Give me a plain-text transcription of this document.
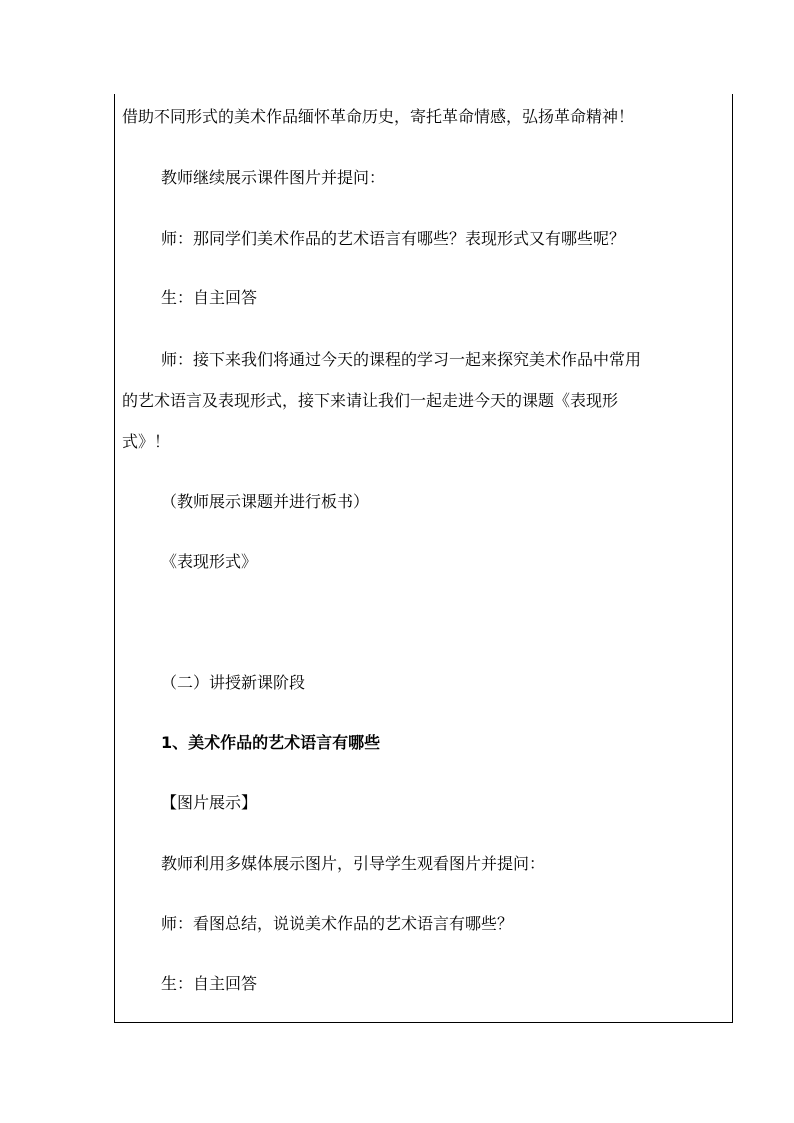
借助不同形式的美术作品缅怀革命历史，寄托革命情感，弘扬革命精神！
教师继续展示课件图片并提问：
师：那同学们美术作品的艺术语言有哪些？表现形式又有哪些呢？
生：自主回答
师：接下来我们将通过今天的课程的学习一起来探究美术作品中常用
的艺术语言及表现形式，接下来请让我们一起走进今天的课题《表现形
式》！
（教师展示课题并进行板书）
《表现形式》
（二）讲授新课阶段
1、美术作品的艺术语言有哪些
【图片展示】
教师利用多媒体展示图片，引导学生观看图片并提问：
师：看图总结，说说美术作品的艺术语言有哪些？
生：自主回答
